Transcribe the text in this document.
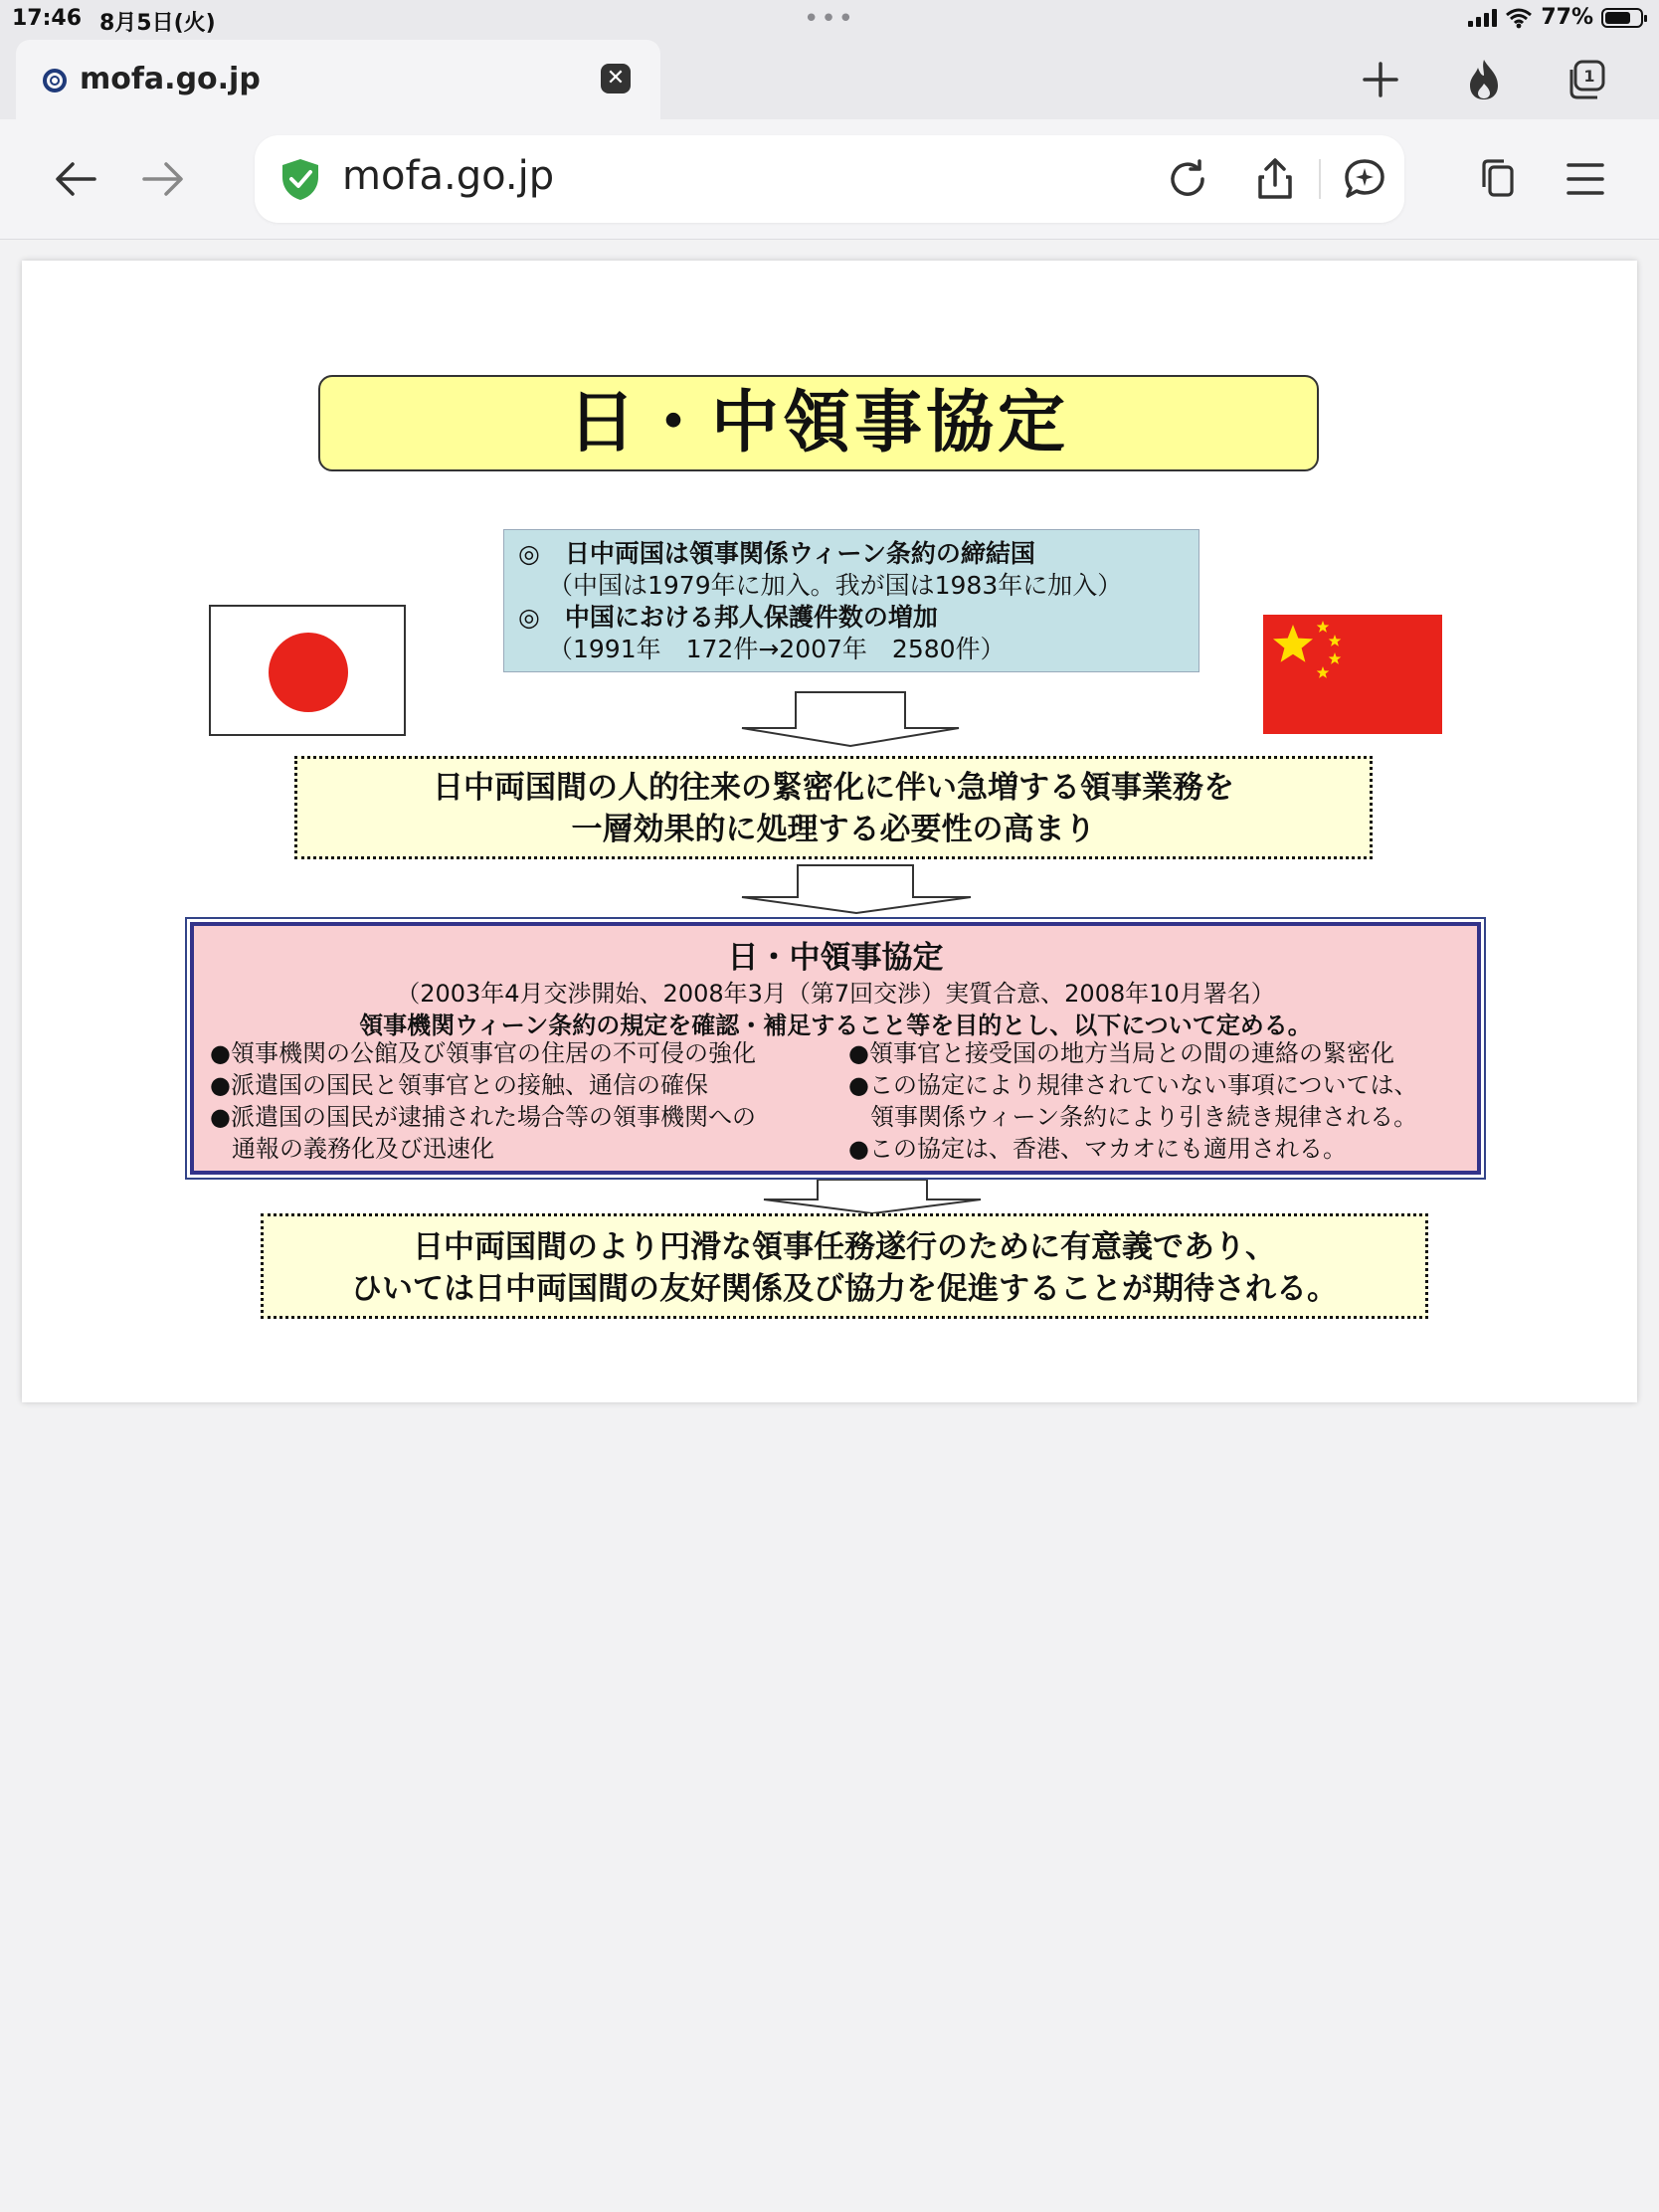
17:46 8月5日(火)	•••	77%
mofa.go.jp	✕	1
mofa.go.jp
日・中領事協定
◎　日中両国は領事関係ウィーン条約の締結国
（中国は1979年に加入。我が国は1983年に加入）
◎　中国における邦人保護件数の増加
（1991年　172件→2007年　2580件）
日中両国間の人的往来の緊密化に伴い急増する領事業務を
一層効果的に処理する必要性の高まり
日・中領事協定
（2003年4月交渉開始、2008年3月（第7回交渉）実質合意、2008年10月署名）
領事機関ウィーン条約の規定を確認・補足すること等を目的とし、以下について定める。
●領事機関の公館及び領事官の住居の不可侵の強化
●派遣国の国民と領事官との接触、通信の確保
●派遣国の国民が逮捕された場合等の領事機関への
通報の義務化及び迅速化
●領事官と接受国の地方当局との間の連絡の緊密化
●この協定により規律されていない事項については、
領事関係ウィーン条約により引き続き規律される。
●この協定は、香港、マカオにも適用される。
日中両国間のより円滑な領事任務遂行のために有意義であり、
ひいては日中両国間の友好関係及び協力を促進することが期待される。
